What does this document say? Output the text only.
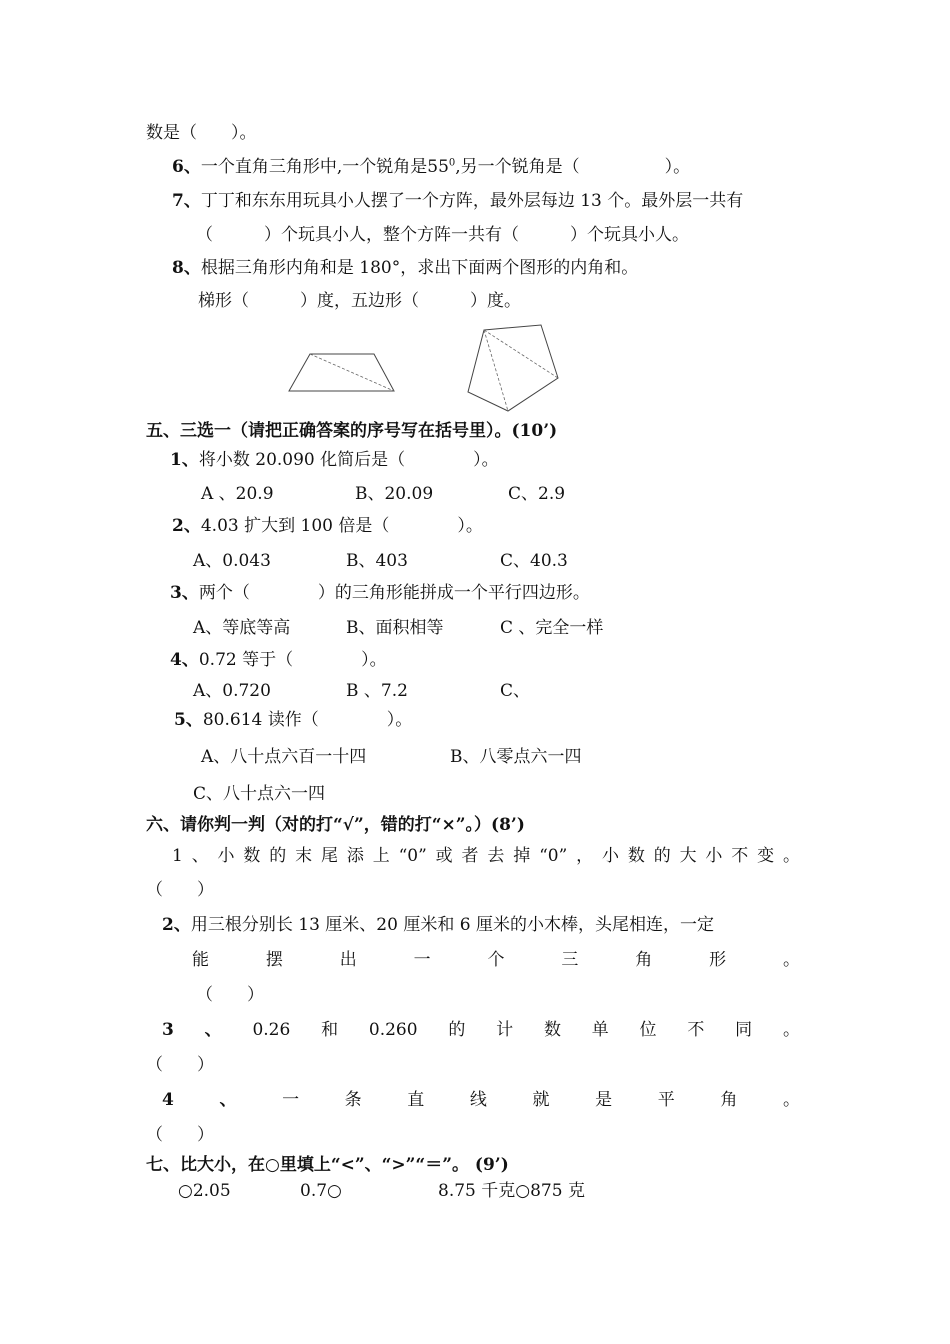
数是（　　）。
6、一个直角三角形中,一个锐角是$55^0$,另一个锐角是（　　　　　）。
7、丁丁和东东用玩具小人摆了一个方阵，最外层每边 13 个。最外层一共有
（　　　）个玩具小人，整个方阵一共有（　　　）个玩具小人。
8、根据三角形内角和是 180°，求出下面两个图形的内角和。
梯形（　　　）度，五边形（　　　）度。
五、三选一（请把正确答案的序号写在括号里）。(10’)
1、将小数 20.090 化简后是（　　　　）。
A 、20.9	B、20.09	C、2.9
2、4.03 扩大到 100 倍是（　　　　）。
A、0.043	B、403	C、40.3
3、两个（　　　　）的三角形能拼成一个平行四边形。
A、等底等高	B、面积相等	C 、完全一样
4、0.72 等于（　　　　）。
A、0.720	B 、7.2	C、
5、80.614 读作（　　　　）。
A、八十点六百一十四	B、八零点六一四
C、八十点六一四
六、请你判一判（对的打“√”，错的打“×”。）(8’)
1 、 小 数 的 末 尾 添 上 “0” 或 者 去 掉 “0” ， 小 数 的 大 小 不 变 。
（　　）
2、用三根分别长 13 厘米、20 厘米和 6 厘米的小木棒，头尾相连，一定
能	摆	出	一	个	三	角	形	。
（　　）
3 、 0.26 和 0.260 的 计 数 单 位 不 同 。
（　　）
4	、	一	条	直	线	就	是	平	角	。
（　　）
七、比大小，在○里填上“<”、“>”“＝”。 (9’)
○2.05	0.7○	8.75 千克○875 克
